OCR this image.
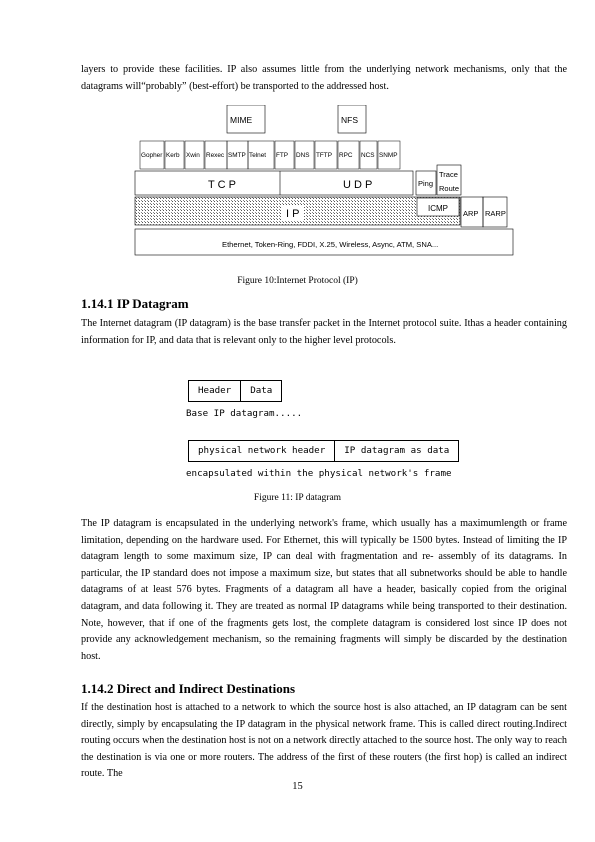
layers to provide these facilities. IP also assumes little from the underlying network mechanisms, only that the datagrams will“probably” (best-effort) be transported to the addressed host.

MIME	NFS
Gopher Kerb Xwin Rexec SMTP Telnet FTP DNS TFTP RPC NCS SNMP
T C P	U D P	Ping
Trace
Route
ICMP
I P	ARP RARP
Ethernet, Token-Ring, FDDI, X.25, Wireless, Async, ATM, SNA...

Figure 10:Internet Protocol (IP)

1.14.1 IP Datagram

The Internet datagram (IP datagram) is the base transfer packet in the Internet protocol suite. Ithas a header containing information for IP, and data that is relevant only to the higher level protocols.

Header	Data

Base IP datagram.....

physical network header	IP datagram as data

encapsulated within the physical network's frame

Figure 11: IP datagram

The IP datagram is encapsulated in the underlying network's frame, which usually has a maximumlength or frame limitation, depending on the hardware used. For Ethernet, this will typically be 1500 bytes. Instead of limiting the IP datagram length to some maximum size, IP can deal with fragmentation and re- assembly of its datagrams. In particular, the IP standard does not impose a maximum size, but states that all subnetworks should be able to handle datagrams of at least 576 bytes. Fragments of a datagram all have a header, basically copied from the original datagram, and data following it. They are treated as normal IP datagrams while being transported to their destination. Note, however, that if one of the fragments gets lost, the complete datagram is considered lost since IP does not provide any acknowledgement mechanism, so the remaining fragments will simply be discarded by the destination host.

1.14.2 Direct and Indirect Destinations

If the destination host is attached to a network to which the source host is also attached, an IP datagram can be sent directly, simply by encapsulating the IP datagram in the physical network frame. This is called direct routing.Indirect routing occurs when the destination host is not on a network directly attached to the source host. The only way to reach the destination is via one or more routers. The address of the first of these routers (the first hop) is called an indirect route. The

15
